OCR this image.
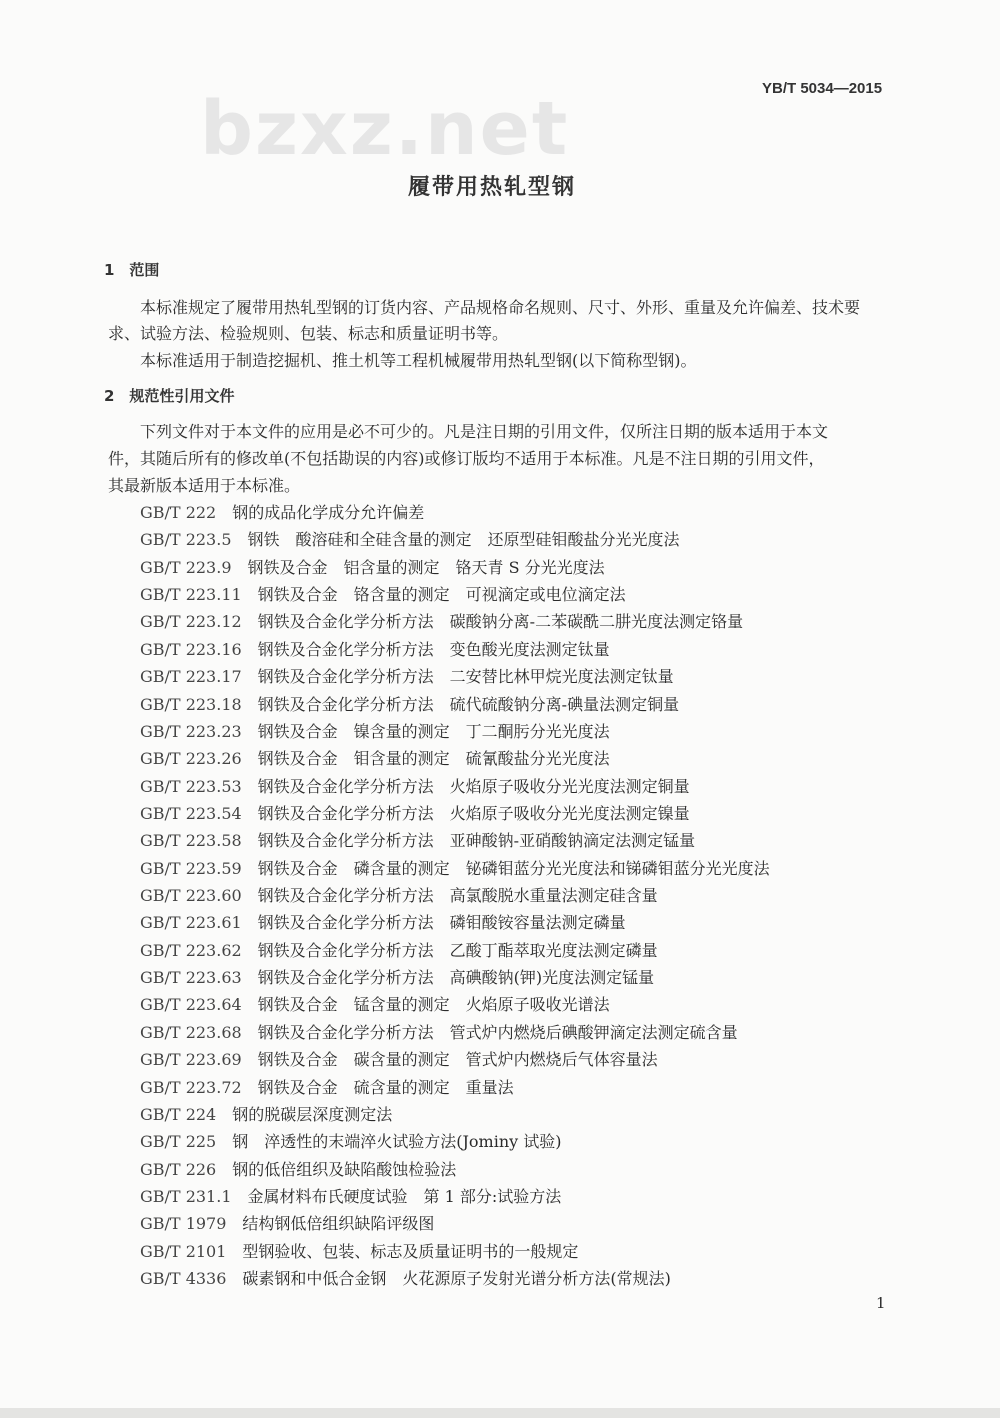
bzxz.net	YB/T 5034—2015
履带用热轧型钢
1　范围
本标准规定了履带用热轧型钢的订货内容、产品规格命名规则、尺寸、外形、重量及允许偏差、技术要
求、试验方法、检验规则、包装、标志和质量证明书等。
本标准适用于制造挖掘机、推土机等工程机械履带用热轧型钢(以下简称型钢)。
2　规范性引用文件
下列文件对于本文件的应用是必不可少的。凡是注日期的引用文件，仅所注日期的版本适用于本文
件，其随后所有的修改单(不包括勘误的内容)或修订版均不适用于本标准。凡是不注日期的引用文件，
其最新版本适用于本标准。
GB/T 222 钢的成品化学成分允许偏差
GB/T 223.5 钢铁　酸溶硅和全硅含量的测定　还原型硅钼酸盐分光光度法
GB/T 223.9 钢铁及合金　铝含量的测定　铬天青 S 分光光度法
GB/T 223.11 钢铁及合金　铬含量的测定　可视滴定或电位滴定法
GB/T 223.12 钢铁及合金化学分析方法　碳酸钠分离-二苯碳酰二肼光度法测定铬量
GB/T 223.16 钢铁及合金化学分析方法　变色酸光度法测定钛量
GB/T 223.17 钢铁及合金化学分析方法　二安替比林甲烷光度法测定钛量
GB/T 223.18 钢铁及合金化学分析方法　硫代硫酸钠分离-碘量法测定铜量
GB/T 223.23 钢铁及合金　镍含量的测定　丁二酮肟分光光度法
GB/T 223.26 钢铁及合金　钼含量的测定　硫氰酸盐分光光度法
GB/T 223.53 钢铁及合金化学分析方法　火焰原子吸收分光光度法测定铜量
GB/T 223.54 钢铁及合金化学分析方法　火焰原子吸收分光光度法测定镍量
GB/T 223.58 钢铁及合金化学分析方法　亚砷酸钠-亚硝酸钠滴定法测定锰量
GB/T 223.59 钢铁及合金　磷含量的测定　铋磷钼蓝分光光度法和锑磷钼蓝分光光度法
GB/T 223.60 钢铁及合金化学分析方法　高氯酸脱水重量法测定硅含量
GB/T 223.61 钢铁及合金化学分析方法　磷钼酸铵容量法测定磷量
GB/T 223.62 钢铁及合金化学分析方法　乙酸丁酯萃取光度法测定磷量
GB/T 223.63 钢铁及合金化学分析方法　高碘酸钠(钾)光度法测定锰量
GB/T 223.64 钢铁及合金　锰含量的测定　火焰原子吸收光谱法
GB/T 223.68 钢铁及合金化学分析方法　管式炉内燃烧后碘酸钾滴定法测定硫含量
GB/T 223.69 钢铁及合金　碳含量的测定　管式炉内燃烧后气体容量法
GB/T 223.72 钢铁及合金　硫含量的测定　重量法
GB/T 224 钢的脱碳层深度测定法
GB/T 225 钢　淬透性的末端淬火试验方法(Jominy 试验)
GB/T 226 钢的低倍组织及缺陷酸蚀检验法
GB/T 231.1 金属材料布氏硬度试验　第 1 部分:试验方法
GB/T 1979 结构钢低倍组织缺陷评级图
GB/T 2101 型钢验收、包装、标志及质量证明书的一般规定
GB/T 4336 碳素钢和中低合金钢　火花源原子发射光谱分析方法(常规法)
1
